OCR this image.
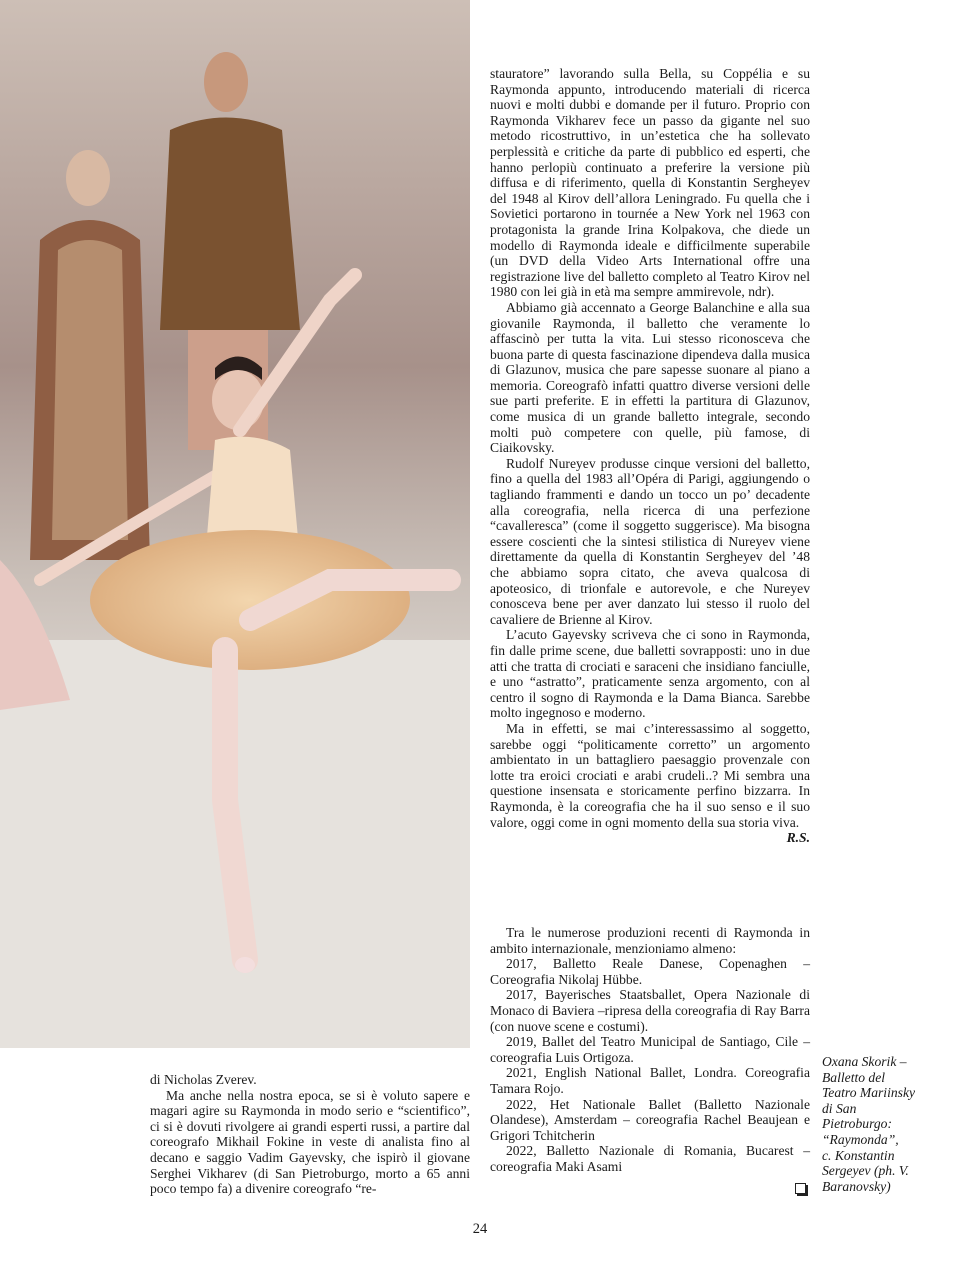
stauratore” lavorando sulla Bella, su Coppélia e su Raymonda appunto, introducendo materiali di ricerca nuovi e molti dubbi e domande per il futuro. Proprio con Raymonda Vikharev fece un passo da gigante nel suo metodo ricostruttivo, in un’estetica che ha sollevato perplessità e critiche da parte di pubblico ed esperti, che hanno perlopiù continuato a preferire la versione più diffusa e di riferimento, quella di Konstantin Sergheyev del 1948 al Kirov dell’allora Leningrado. Fu quella che i Sovietici portarono in tournée a New York nel 1963 con protagonista la grande Irina Kolpakova, che diede un modello di Raymonda ideale e difficilmente superabile (un DVD della Video Arts International offre una registrazione live del balletto completo al Teatro Kirov nel 1980 con lei già in età ma sempre ammirevole, ndr).

Abbiamo già accennato a George Balanchine e alla sua giovanile Raymonda, il balletto che veramente lo affascinò per tutta la vita. Lui stesso riconosceva che buona parte di questa fascinazione dipendeva dalla musica di Glazunov, musica che pare sapesse suonare al piano a memoria. Coreografò infatti quattro diverse versioni delle sue parti preferite. E in effetti la partitura di Glazunov, come musica di un grande balletto integrale, secondo molti può competere con quelle, più famose, di Ciaikovsky.

Rudolf Nureyev produsse cinque versioni del balletto, fino a quella del 1983 all’Opéra di Parigi, aggiungendo o tagliando frammenti e dando un tocco un po’ decadente alla coreografia, nella ricerca di una perfezione “cavalleresca” (come il soggetto suggerisce). Ma bisogna essere coscienti che la sintesi stilistica di Nureyev viene direttamente da quella di Konstantin Sergheyev del ’48 che abbiamo sopra citato, che aveva qualcosa di apoteosico, di trionfale e autorevole, e che Nureyev conosceva bene per aver danzato lui stesso il ruolo del cavaliere de Brienne al Kirov.

L’acuto Gayevsky scriveva che ci sono in Raymonda, fin dalle prime scene, due balletti sovrapposti: uno in due atti che tratta di crociati e saraceni che insidiano fanciulle, e uno “astratto”, praticamente senza argomento, con al centro il sogno di Raymonda e la Dama Bianca. Sarebbe molto ingegnoso e moderno.

Ma in effetti, se mai c’interessassimo al soggetto, sarebbe oggi “politicamente corretto” un argomento ambientato in un battagliero paesaggio provenzale con lotte tra eroici crociati e arabi crudeli..? Mi sembra una questione insensata e storicamente perfino bizzarra. In Raymonda, è la coreografia che ha il suo senso e il suo valore, oggi come in ogni momento della sua storia viva.

R.S.

Tra le numerose produzioni recenti di Raymonda in ambito internazionale, menzioniamo almeno:

2017, Balletto Reale Danese, Copenaghen – Coreografia Nikolaj Hübbe.

2017, Bayerisches Staatsballet, Opera Nazionale di Monaco di Baviera –ripresa della coreografia di Ray Barra (con nuove scene e costumi).

2019, Ballet del Teatro Municipal de Santiago, Cile – coreografia Luis Ortigoza.

2021, English National Ballet, Londra. Coreografia Tamara Rojo.

2022, Het Nationale Ballet (Balletto Nazionale Olandese), Amsterdam – coreografia Rachel Beaujean e Grigori Tchitcherin

2022, Balletto Nazionale di Romania, Bucarest – coreografia Maki Asami

di Nicholas Zverev.

Ma anche nella nostra epoca, se si è voluto sapere e magari agire su Raymonda in modo serio e “scientifico”, ci si è dovuti rivolgere ai grandi esperti russi, a partire dal coreografo Mikhail Fokine in veste di analista fino al decano e saggio Vadim Gayevsky, che ispirò il giovane Serghei Vikharev (di San Pietroburgo, morto a 65 anni poco tempo fa) a divenire coreografo “re-

Oxana Skorik –
Balletto del
Teatro Mariinsky
di San
Pietroburgo:
“Raymonda”,
c. Konstantin
Sergeyev (ph. V.
Baranovsky)
24
